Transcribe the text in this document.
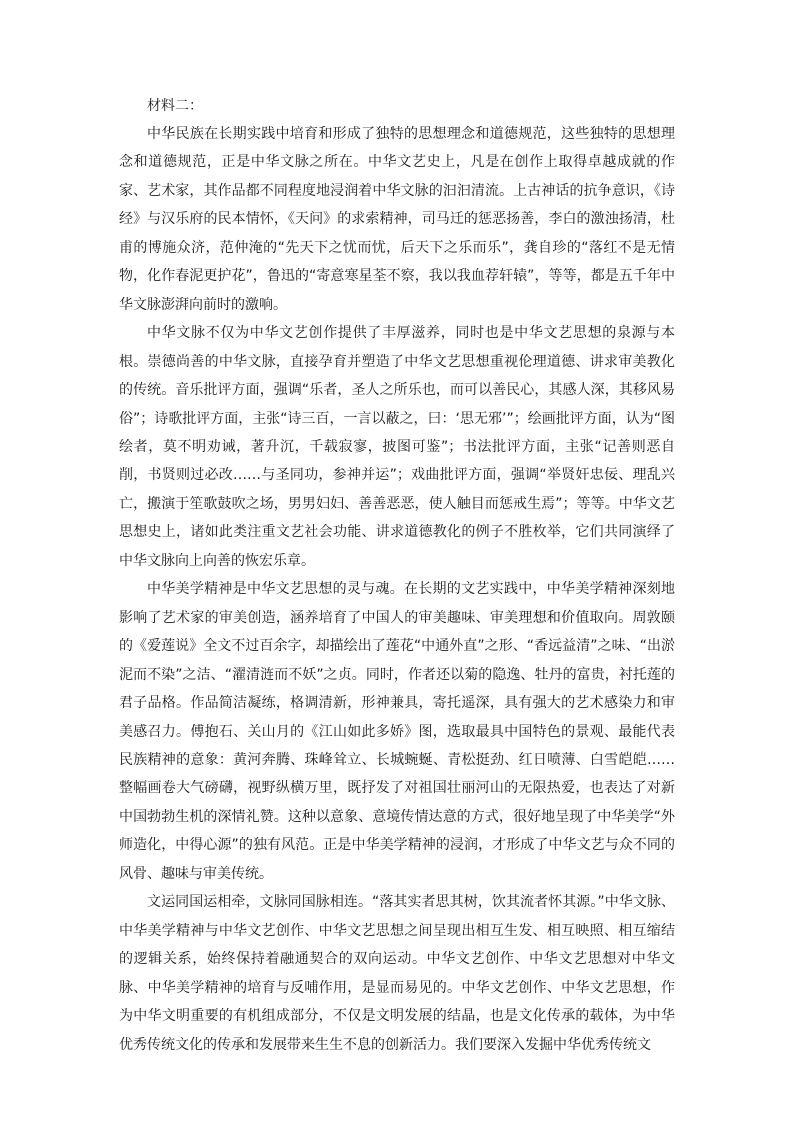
材料二：

中华民族在长期实践中培育和形成了独特的思想理念和道德规范，这些独特的思想理念和道德规范，正是中华文脉之所在。中华文艺史上，凡是在创作上取得卓越成就的作家、艺术家，其作品都不同程度地浸润着中华文脉的汩汩清流。上古神话的抗争意识，《诗经》与汉乐府的民本情怀，《天问》的求索精神，司马迁的惩恶扬善，李白的激浊扬清，杜甫的博施众济，范仲淹的“先天下之忧而忧，后天下之乐而乐”，龚自珍的“落红不是无情物，化作春泥更护花”，鲁迅的“寄意寒星荃不察，我以我血荐轩辕”，等等，都是五千年中华文脉澎湃向前时的激响。

中华文脉不仅为中华文艺创作提供了丰厚滋养，同时也是中华文艺思想的泉源与本根。崇德尚善的中华文脉，直接孕育并塑造了中华文艺思想重视伦理道德、讲求审美教化的传统。音乐批评方面，强调“乐者，圣人之所乐也，而可以善民心，其感人深，其移风易俗”；诗歌批评方面，主张“诗三百，一言以蔽之，曰：‘思无邪’”；绘画批评方面，认为“图绘者，莫不明劝诫，著升沉，千载寂寥，披图可鉴”；书法批评方面，主张“记善则恶自削，书贤则过必改……与圣同功，参神并运”；戏曲批评方面，强调“举贤奸忠佞、理乱兴亡，搬演于笙歌鼓吹之场，男男妇妇、善善恶恶，使人触目而惩戒生焉”；等等。中华文艺思想史上，诸如此类注重文艺社会功能、讲求道德教化的例子不胜枚举，它们共同演绎了中华文脉向上向善的恢宏乐章。

中华美学精神是中华文艺思想的灵与魂。在长期的文艺实践中，中华美学精神深刻地影响了艺术家的审美创造，涵养培育了中国人的审美趣味、审美理想和价值取向。周敦颐的《爱莲说》全文不过百余字，却描绘出了莲花“中通外直”之形、“香远益清”之味、“出淤泥而不染”之洁、“濯清涟而不妖”之贞。同时，作者还以菊的隐逸、牡丹的富贵，衬托莲的君子品格。作品简洁凝练，格调清新，形神兼具，寄托遥深，具有强大的艺术感染力和审美感召力。傅抱石、关山月的《江山如此多娇》图，选取最具中国特色的景观、最能代表民族精神的意象：黄河奔腾、珠峰耸立、长城蜿蜒、青松挺劲、红日喷薄、白雪皑皑……整幅画卷大气磅礴，视野纵横万里，既抒发了对祖国壮丽河山的无限热爱，也表达了对新中国勃勃生机的深情礼赞。这种以意象、意境传情达意的方式，很好地呈现了中华美学“外师造化，中得心源”的独有风范。正是中华美学精神的浸润，才形成了中华文艺与众不同的风骨、趣味与审美传统。

文运同国运相牵，文脉同国脉相连。“落其实者思其树，饮其流者怀其源。”中华文脉、中华美学精神与中华文艺创作、中华文艺思想之间呈现出相互生发、相互映照、相互缩结的逻辑关系，始终保持着融通契合的双向运动。中华文艺创作、中华文艺思想对中华文脉、中华美学精神的培育与反哺作用，是显而易见的。中华文艺创作、中华文艺思想，作为中华文明重要的有机组成部分，不仅是文明发展的结晶，也是文化传承的载体，为中华优秀传统文化的传承和发展带来生生不息的创新活力。我们要深入发掘中华优秀传统文
